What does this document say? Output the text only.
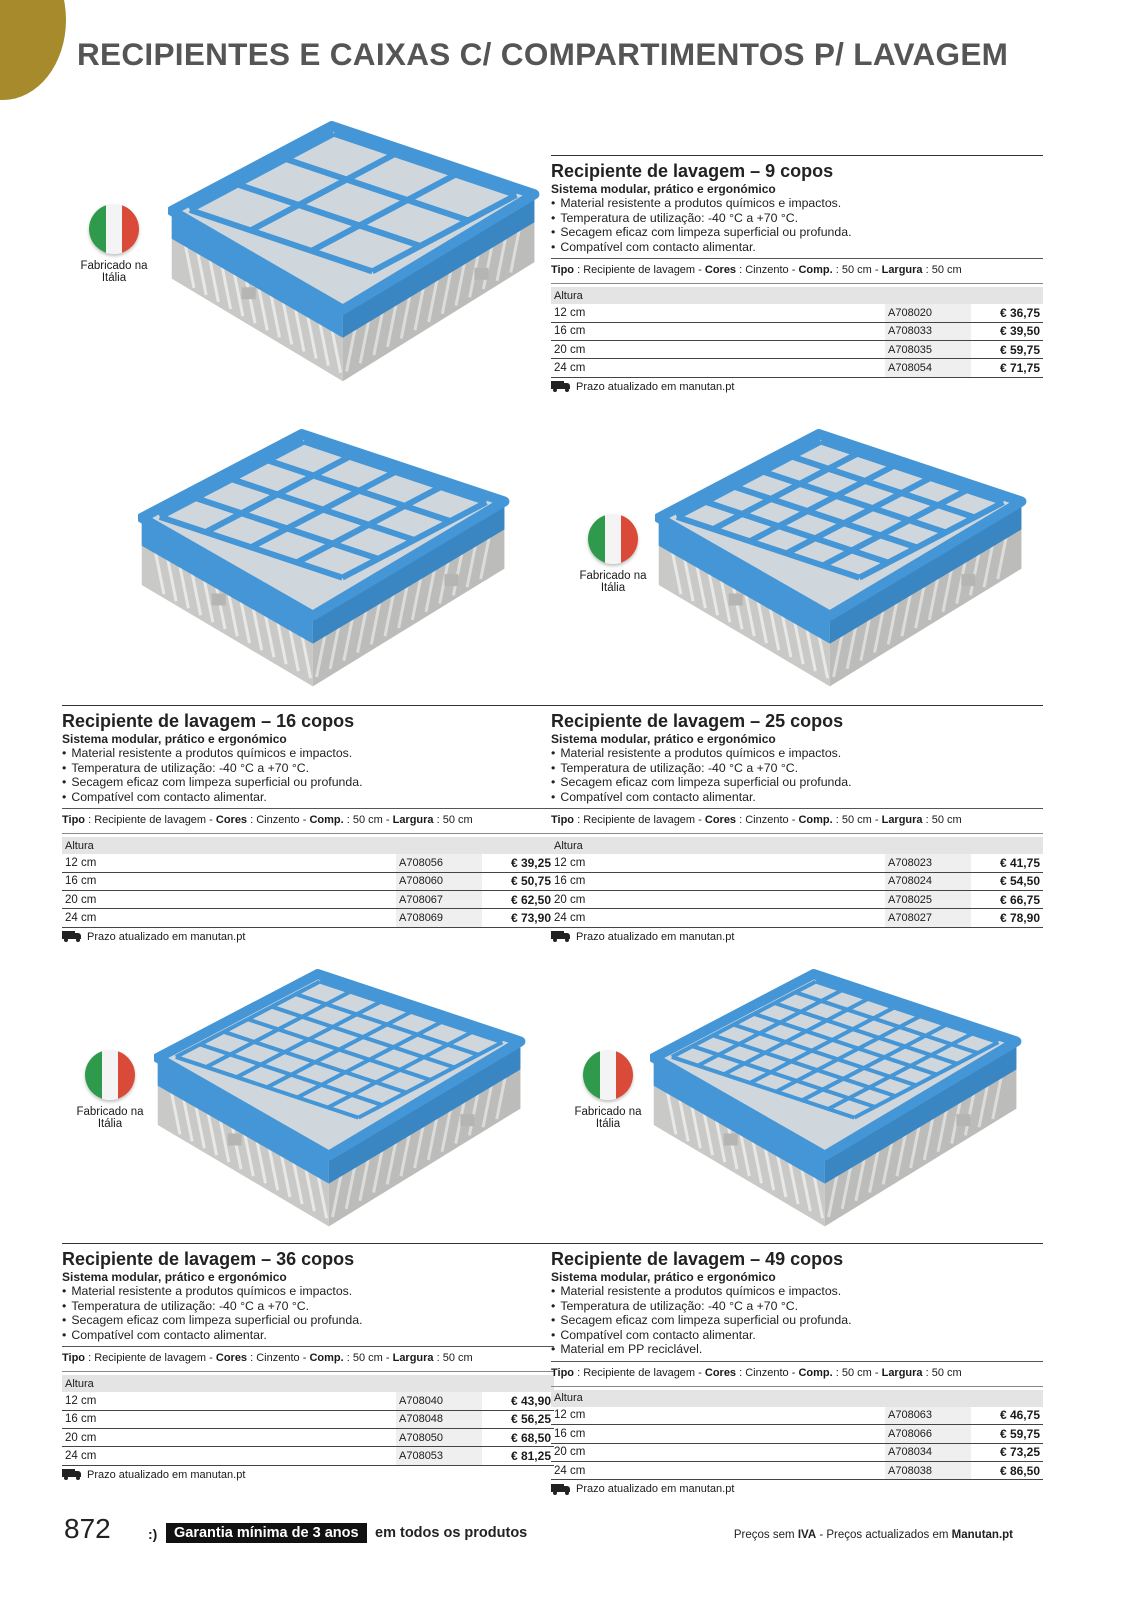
RECIPIENTES E CAIXAS C/ COMPARTIMENTOS P/ LAVAGEM
Fabricado na
Itália
Fabricado na
Itália
Fabricado na
Itália
Fabricado na
Itália
Recipiente de lavagem – 9 copos
Sistema modular, prático e ergonómico
• Material resistente a produtos químicos e impactos.
• Temperatura de utilização: -40 °C a +70 °C.
• Secagem eficaz com limpeza superficial ou profunda.
• Compatível com contacto alimentar.
Tipo : Recipiente de lavagem - Cores : Cinzento - Comp. : 50 cm - Largura : 50 cm
Altura		
12 cm	A708020	€ 36,75
16 cm	A708033	€ 39,50
20 cm	A708035	€ 59,75
24 cm	A708054	€ 71,75
Prazo atualizado em manutan.pt
Recipiente de lavagem – 16 copos
Sistema modular, prático e ergonómico
• Material resistente a produtos químicos e impactos.
• Temperatura de utilização: -40 °C a +70 °C.
• Secagem eficaz com limpeza superficial ou profunda.
• Compatível com contacto alimentar.
Tipo : Recipiente de lavagem - Cores : Cinzento - Comp. : 50 cm - Largura : 50 cm
Altura		
12 cm	A708056	€ 39,25
16 cm	A708060	€ 50,75
20 cm	A708067	€ 62,50
24 cm	A708069	€ 73,90
Prazo atualizado em manutan.pt
Recipiente de lavagem – 25 copos
Sistema modular, prático e ergonómico
• Material resistente a produtos químicos e impactos.
• Temperatura de utilização: -40 °C a +70 °C.
• Secagem eficaz com limpeza superficial ou profunda.
• Compatível com contacto alimentar.
Tipo : Recipiente de lavagem - Cores : Cinzento - Comp. : 50 cm - Largura : 50 cm
Altura		
12 cm	A708023	€ 41,75
16 cm	A708024	€ 54,50
20 cm	A708025	€ 66,75
24 cm	A708027	€ 78,90
Prazo atualizado em manutan.pt
Recipiente de lavagem – 36 copos
Sistema modular, prático e ergonómico
• Material resistente a produtos químicos e impactos.
• Temperatura de utilização: -40 °C a +70 °C.
• Secagem eficaz com limpeza superficial ou profunda.
• Compatível com contacto alimentar.
Tipo : Recipiente de lavagem - Cores : Cinzento - Comp. : 50 cm - Largura : 50 cm
Altura		
12 cm	A708040	€ 43,90
16 cm	A708048	€ 56,25
20 cm	A708050	€ 68,50
24 cm	A708053	€ 81,25
Prazo atualizado em manutan.pt
Recipiente de lavagem – 49 copos
Sistema modular, prático e ergonómico
• Material resistente a produtos químicos e impactos.
• Temperatura de utilização: -40 °C a +70 °C.
• Secagem eficaz com limpeza superficial ou profunda.
• Compatível com contacto alimentar.
• Material em PP reciclável.
Tipo : Recipiente de lavagem - Cores : Cinzento - Comp. : 50 cm - Largura : 50 cm
Altura		
12 cm	A708063	€ 46,75
16 cm	A708066	€ 59,75
20 cm	A708034	€ 73,25
24 cm	A708038	€ 86,50
Prazo atualizado em manutan.pt
872	:)	Garantia mínima de 3 anos	em todos os produtos	Preços sem IVA - Preços actualizados em Manutan.pt
